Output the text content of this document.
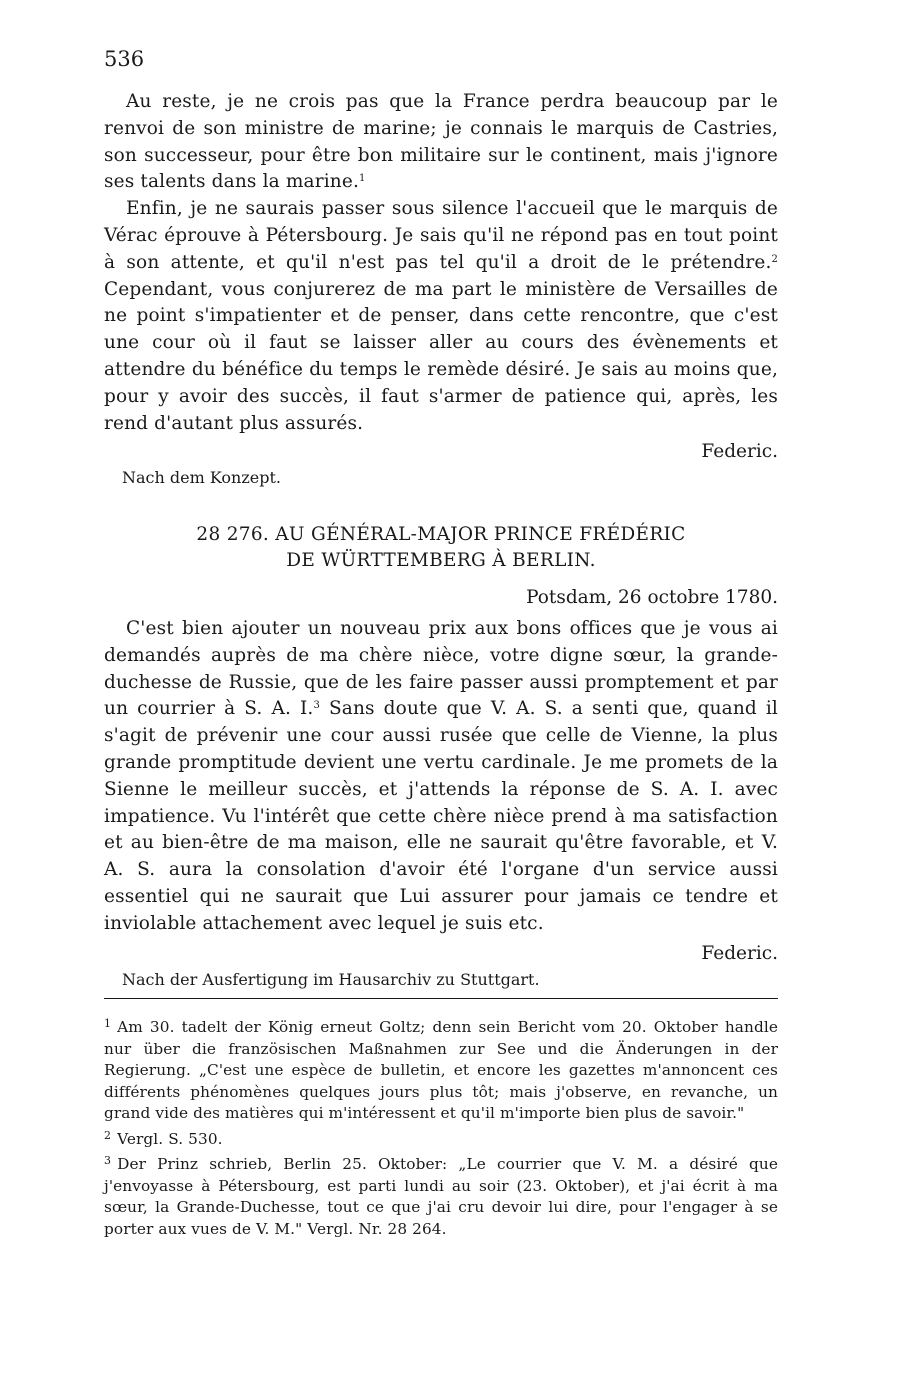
536

Au reste, je ne crois pas que la France perdra beaucoup par le renvoi de son ministre de marine; je connais le marquis de Castries, son successeur, pour être bon militaire sur le continent, mais j'ignore ses talents dans la marine.$^1$

Enfin, je ne saurais passer sous silence l'accueil que le marquis de Vérac éprouve à Pétersbourg. Je sais qu'il ne répond pas en tout point à son attente, et qu'il n'est pas tel qu'il a droit de le prétendre.$^2$ Cependant, vous conjurerez de ma part le ministère de Versailles de ne point s'impatienter et de penser, dans cette rencontre, que c'est une cour où il faut se laisser aller au cours des évènements et attendre du bénéfice du temps le remède désiré. Je sais au moins que, pour y avoir des succès, il faut s'armer de patience qui, après, les rend d'autant plus assurés.

Federic.
Nach dem Konzept.
28 276. AU GÉNÉRAL-MAJOR PRINCE FRÉDÉRIC
DE WÜRTTEMBERG À BERLIN.
Potsdam, 26 octobre 1780.

C'est bien ajouter un nouveau prix aux bons offices que je vous ai demandés auprès de ma chère nièce, votre digne sœur, la grande-duchesse de Russie, que de les faire passer aussi promptement et par un courrier à S. A. I.$^3$ Sans doute que V. A. S. a senti que, quand il s'agit de prévenir une cour aussi rusée que celle de Vienne, la plus grande promptitude devient une vertu cardinale. Je me promets de la Sienne le meilleur succès, et j'attends la réponse de S. A. I. avec impatience. Vu l'intérêt que cette chère nièce prend à ma satisfaction et au bien-être de ma maison, elle ne saurait qu'être favorable, et V. A. S. aura la consolation d'avoir été l'organe d'un service aussi essentiel qui ne saurait que Lui assurer pour jamais ce tendre et inviolable attachement avec lequel je suis etc.

Federic.
Nach der Ausfertigung im Hausarchiv zu Stuttgart.

$^1$ Am 30. tadelt der König erneut Goltz; denn sein Bericht vom 20. Oktober handle nur über die französischen Maßnahmen zur See und die Änderungen in der Regierung. „C'est une espèce de bulletin, et encore les gazettes m'annoncent ces différents phénomènes quelques jours plus tôt; mais j'observe, en revanche, un grand vide des matières qui m'intéressent et qu'il m'importe bien plus de savoir."

$^2$ Vergl. S. 530.

$^3$ Der Prinz schrieb, Berlin 25. Oktober: „Le courrier que V. M. a désiré que j'envoyasse à Pétersbourg, est parti lundi au soir (23. Oktober), et j'ai écrit à ma sœur, la Grande-Duchesse, tout ce que j'ai cru devoir lui dire, pour l'engager à se porter aux vues de V. M." Vergl. Nr. 28 264.
